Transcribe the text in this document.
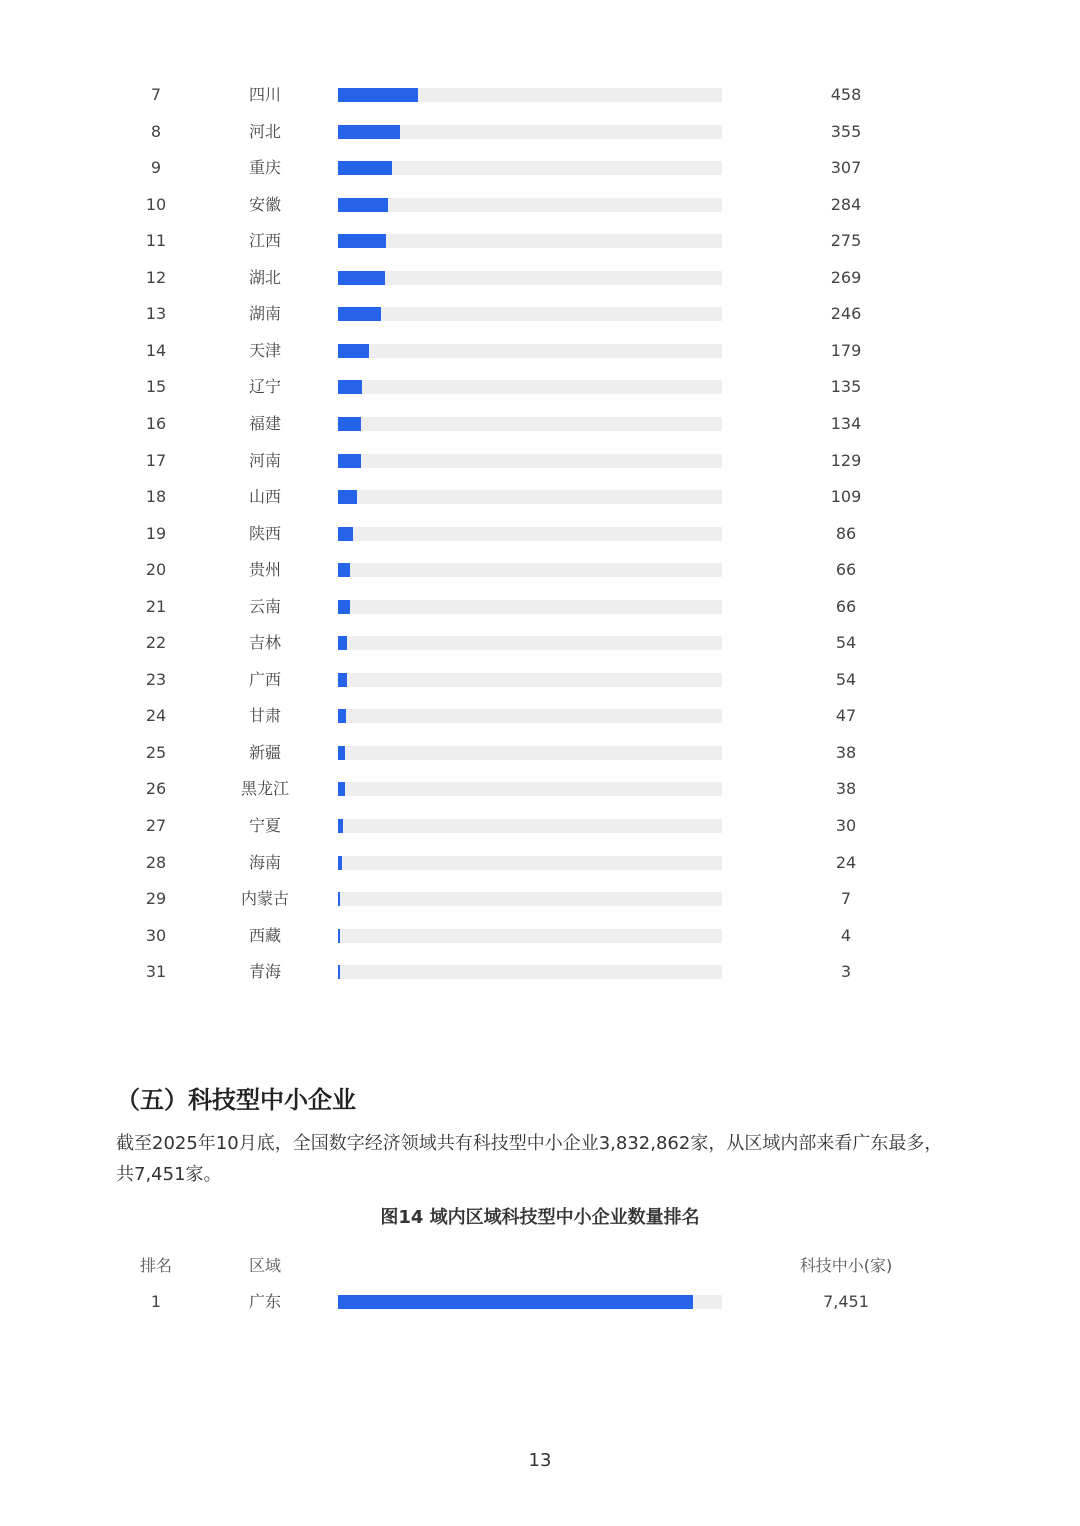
7	四川	458
8	河北	355
9	重庆	307
10	安徽	284
11	江西	275
12	湖北	269
13	湖南	246
14	天津	179
15	辽宁	135
16	福建	134
17	河南	129
18	山西	109
19	陕西	86
20	贵州	66
21	云南	66
22	吉林	54
23	广西	54
24	甘肃	47
25	新疆	38
26	黑龙江	38
27	宁夏	30
28	海南	24
29	内蒙古	7
30	西藏	4
31	青海	3
（五）科技型中小企业

截至2025年10月底，全国数字经济领域共有科技型中小企业3,832,862家，从区域内部来看广东最多，共7,451家。

图14 域内区域科技型中小企业数量排名
排名	区域	科技中小(家)
1	广东	7,451
13
